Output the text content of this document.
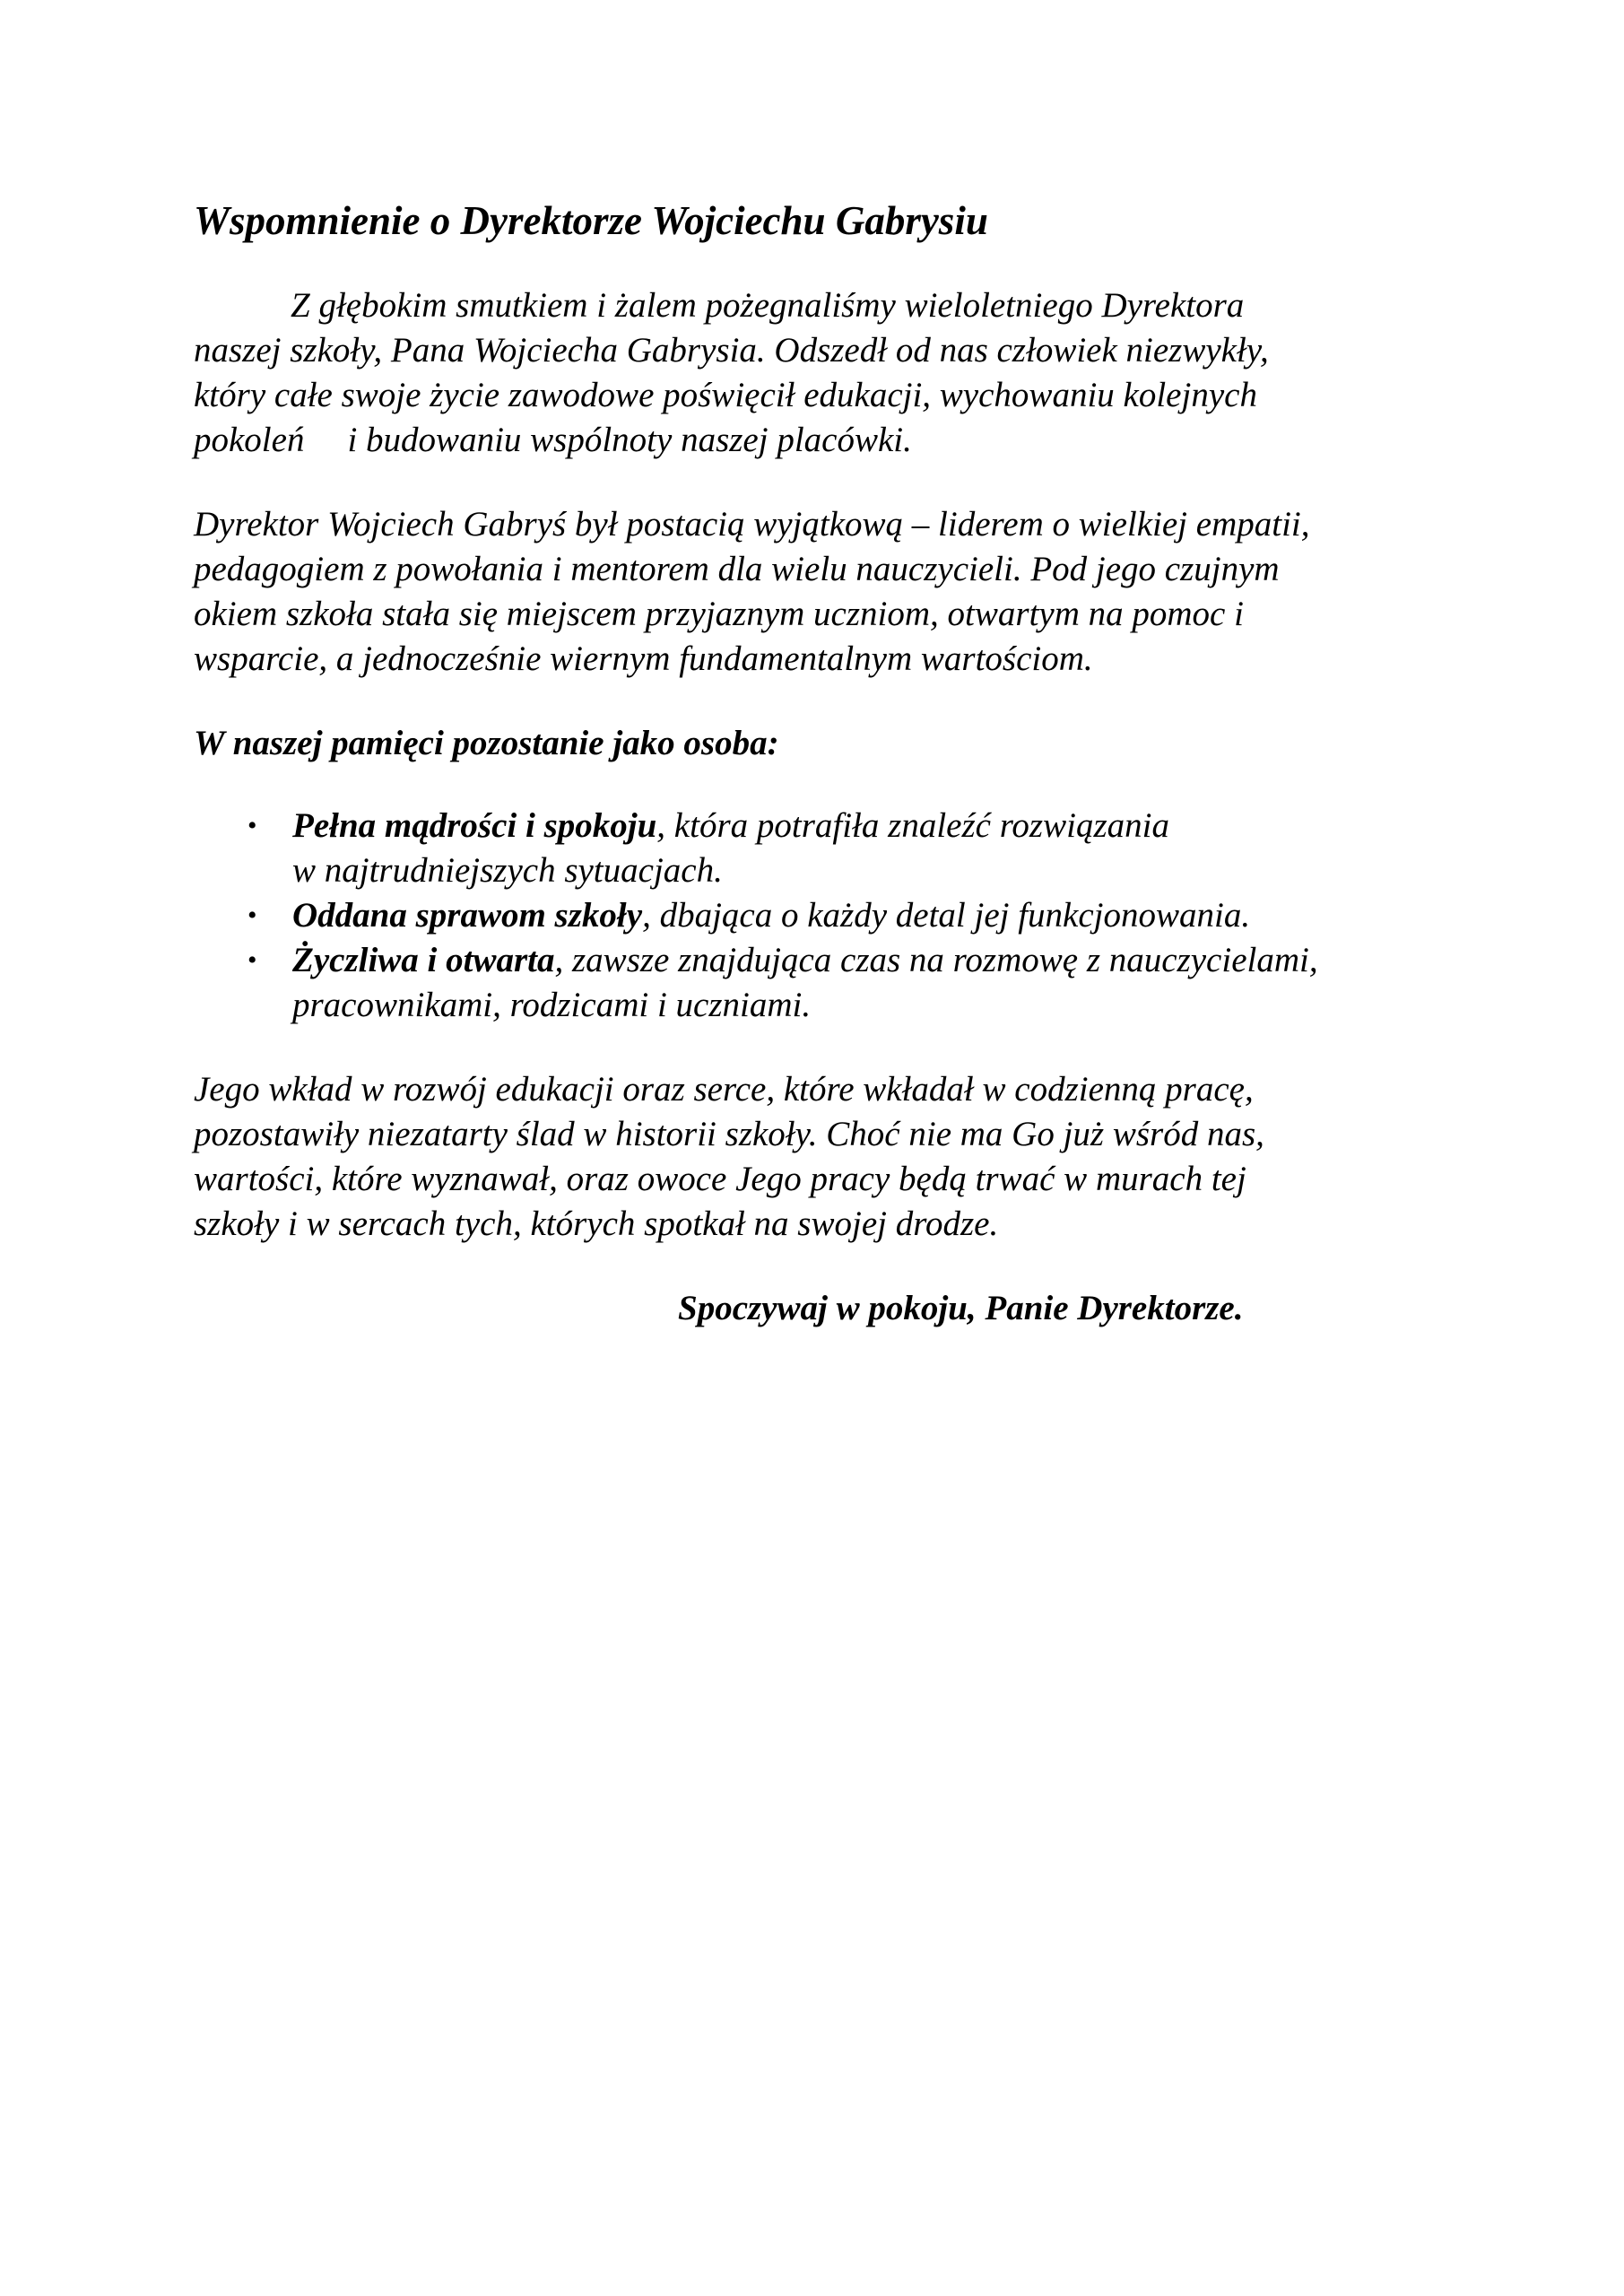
Wspomnienie o Dyrektorze Wojciechu Gabrysiu

Z głębokim smutkiem i żalem pożegnaliśmy wieloletniego Dyrektora
naszej szkoły, Pana Wojciecha Gabrysia. Odszedł od nas człowiek niezwykły,
który całe swoje życie zawodowe poświęcił edukacji, wychowaniu kolejnych
pokoleń i budowaniu wspólnoty naszej placówki.

Dyrektor Wojciech Gabryś był postacią wyjątkową – liderem o wielkiej empatii,
pedagogiem z powołania i mentorem dla wielu nauczycieli. Pod jego czujnym
okiem szkoła stała się miejscem przyjaznym uczniom, otwartym na pomoc i
wsparcie, a jednocześnie wiernym fundamentalnym wartościom.

W naszej pamięci pozostanie jako osoba:

• Pełna mądrości i spokoju, która potrafiła znaleźć rozwiązania
w najtrudniejszych sytuacjach.
• Oddana sprawom szkoły, dbająca o każdy detal jej funkcjonowania.
• Życzliwa i otwarta, zawsze znajdująca czas na rozmowę z nauczycielami,
pracownikami, rodzicami i uczniami.

Jego wkład w rozwój edukacji oraz serce, które wkładał w codzienną pracę,
pozostawiły niezatarty ślad w historii szkoły. Choć nie ma Go już wśród nas,
wartości, które wyznawał, oraz owoce Jego pracy będą trwać w murach tej
szkoły i w sercach tych, których spotkał na swojej drodze.

Spoczywaj w pokoju, Panie Dyrektorze.
